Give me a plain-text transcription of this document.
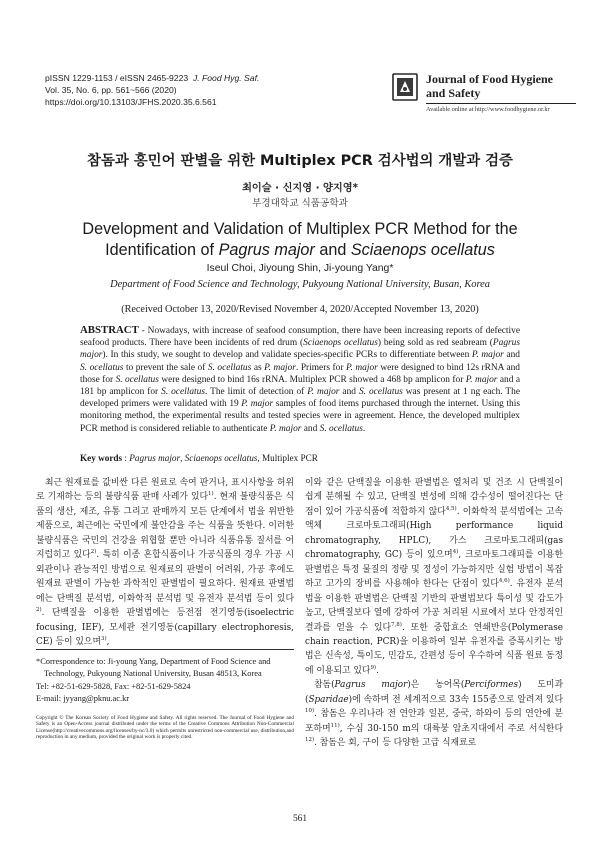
pISSN 1229-1153 / eISSN 2465-9223 J. Food Hyg. Saf.
Vol. 35, No. 6, pp. 561~566 (2020)
https://doi.org/10.13103/JFHS.2020.35.6.561
Journal of Food Hygiene
and Safety
Available online at http://www.foodhygiene.or.kr
참돔과 홍민어 판별을 위한 Multiplex PCR 검사법의 개발과 검증
최이슬 · 신지영 · 양지영*
부경대학교 식품공학과
Development and Validation of Multiplex PCR Method for the Identification of Pagrus major and Sciaenops ocellatus
Iseul Choi, Jiyoung Shin, Ji-young Yang*
Department of Food Science and Technology, Pukyoung National University, Busan, Korea
(Received October 13, 2020/Revised November 4, 2020/Accepted November 13, 2020)
ABSTRACT - Nowadays, with increase of seafood consumption, there have been increasing reports of defective seafood products. There have been incidents of red drum (Sciaenops ocellatus) being sold as red seabream (Pagrus major). In this study, we sought to develop and validate species-specific PCRs to differentiate between P. major and S. ocellatus to prevent the sale of S. ocellatus as P. major. Primers for P. major were designed to bind 12s rRNA and those for S. ocellatus were designed to bind 16s rRNA. Multiplex PCR showed a 468 bp amplicon for P. major and a 181 bp amplicon for S. ocellatus. The limit of detection of P. major and S. ocellatus was present at 1 ng each. The developed primers were validated with 19 P. major samples of food items purchased through the internet. Using this monitoring method, the experimental results and tested species were in agreement. Hence, the developed multiplex PCR method is considered reliable to authenticate P. major and S. ocellatus.
Key words : Pagrus major, Sciaenops ocellatus, Multiplex PCR
최근 원재료를 값비싼 다른 원료로 속여 판거나, 표시사항을 허위로 기재하는 등의 불량식품 판매 사례가 있다$^{1)}$. 현재 불량식품은 식품의 생산, 제조, 유통 그리고 판매까지 모든 단계에서 법을 위반한 제품으로, 최근에는 국민에게 불안감을 주는 식품을 뜻한다. 이러한 불량식품은 국민의 건강을 위협할 뿐만 아니라 식품유통 질서를 어지럽히고 있다$^{2)}$. 특히 이종 혼합식품이나 가공식품의 경우 가공 시 외관이나 관능적인 방법으로 원재료의 판별이 어려워, 가공 후에도 원재료 판별이 가능한 과학적인 판별법이 필요하다. 원재료 판별법에는 단백질 분석법, 이화학적 분석법 및 유전자 분석법 등이 있다$^{2)}$. 단백질을 이용한 판별법에는 등전점 전기영동(isoelectric focusing, IEF), 모세관 전기영동(capillary electrophoresis, CE) 등이 있으며$^{3)}$,
*Correspondence to: Ji-young Yang, Department of Food Science and
Technology, Pukyoung National University, Busan 48513, Korea
Tel: +82-51-629-5828, Fax: +82-51-629-5824
E-mail: jyyang@pknu.ac.kr
Copyright © The Korean Society of Food Hygiene and Safety. All rights reserved. The Journal of Food Hygiene and Safety is an Open-Access journal distributed under the terms of the Creative Commons Attribution Non-Commercial License(http://creativecommons.org/licenses/by-nc/3.0) which permits unrestricted non-commercial use, distribution,and reproduction in any medium, provided the original work is properly cited.
이와 같은 단백질을 이용한 판별법은 열처리 및 건조 시 단백질이 쉽게 분해될 수 있고, 단백질 변성에 의해 감수성이 떨어진다는 단점이 있어 가공식품에 적합하지 않다$^{4,5)}$. 이화학적 분석법에는 고속 액체 크로마토그래피(High performance liquid chromatography, HPLC), 가스 크로마토그래피(gas chromatography, GC) 등이 있으며$^{4)}$, 크로마토그래피를 이용한 판별법은 특정 물질의 정량 및 정성이 가능하지만 실험 방법이 복잡하고 고가의 장비를 사용해야 한다는 단점이 있다$^{4,6)}$. 유전자 분석법을 이용한 판별법은 단백질 기반의 판별법보다 특이성 및 감도가 높고, 단백질보다 열에 강하여 가공 처리된 시료에서 보다 안정적인 결과를 얻을 수 있다$^{7,8)}$. 또한 중합효소 연쇄반응(Polymerase chain reaction, PCR)을 이용하여 일부 유전자를 증폭시키는 방법은 신속성, 특이도, 민감도, 간편성 등이 우수하여 식품 원료 동정에 이용되고 있다$^{9)}$.
참돔(Pagrus major)은 농어목(Perciformes) 도미과(Sparidae)에 속하며 전 세계적으로 33속 155종으로 알려져 있다$^{10)}$. 참돔은 우리나라 전 연안과 일본, 중국, 하와이 등의 연안에 분포하며$^{11)}$, 수심 30-150 m의 대륙붕 암초지대에서 주로 서식한다$^{12)}$. 참돔은 회, 구이 등 다양한 고급 식재료로
561
